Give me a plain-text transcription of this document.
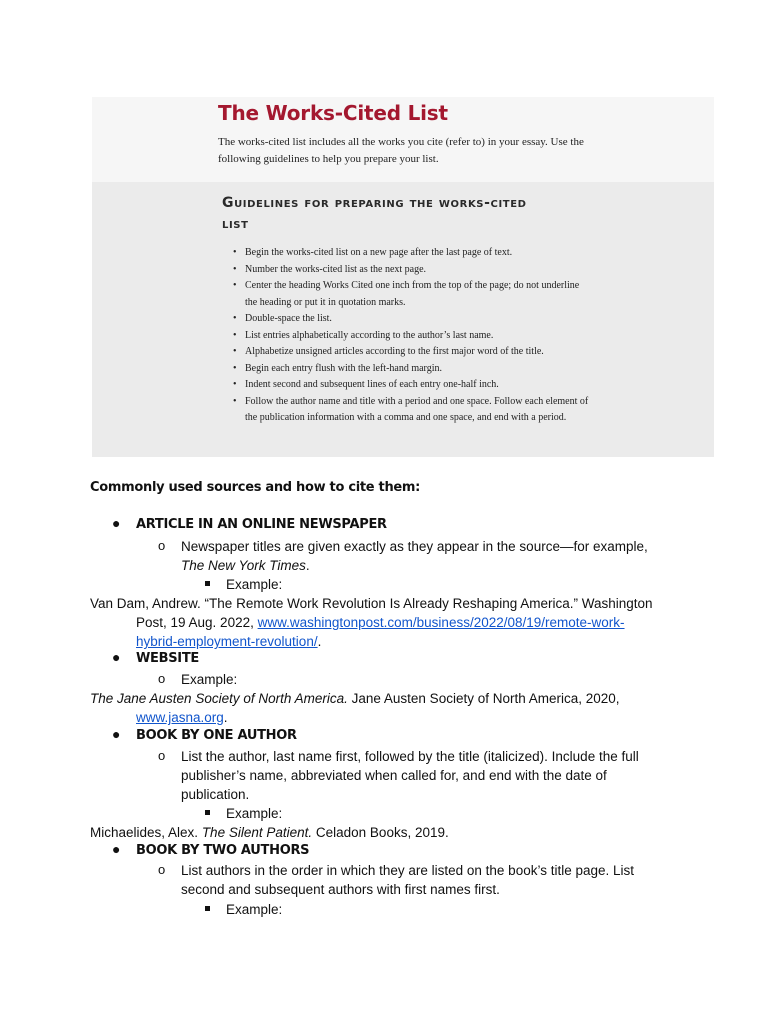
The Works-Cited List

The works-cited list includes all the works you cite (refer to) in your essay. Use the
following guidelines to help you prepare your list.

Guidelines for preparing the works-cited
list
• Begin the works-cited list on a new page after the last page of text.
• Number the works-cited list as the next page.
• Center the heading Works Cited one inch from the top of the page; do not underline the heading or put it in quotation marks.
• Double-space the list.
• List entries alphabetically according to the author’s last name.
• Alphabetize unsigned articles according to the first major word of the title.
• Begin each entry flush with the left-hand margin.
• Indent second and subsequent lines of each entry one-half inch.
• Follow the author name and title with a period and one space. Follow each element of the publication information with a comma and one space, and end with a period.

Commonly used sources and how to cite them:

● ARTICLE IN AN ONLINE NEWSPAPER

o Newspaper titles are given exactly as they appear in the source—for example,
The New York Times.

Example:

Van Dam, Andrew. “The Remote Work Revolution Is Already Reshaping America.” Washington

Post, 19 Aug. 2022, www.washingtonpost.com/business/2022/08/19/remote-work-

hybrid-employment-revolution/.

● WEBSITE

o Example:

The Jane Austen Society of North America. Jane Austen Society of North America, 2020,

www.jasna.org.

● BOOK BY ONE AUTHOR

o List the author, last name first, followed by the title (italicized). Include the full
publisher’s name, abbreviated when called for, and end with the date of
publication.

Example:

Michaelides, Alex. The Silent Patient. Celadon Books, 2019.

● BOOK BY TWO AUTHORS

o List authors in the order in which they are listed on the book’s title page. List
second and subsequent authors with first names first.

Example:
